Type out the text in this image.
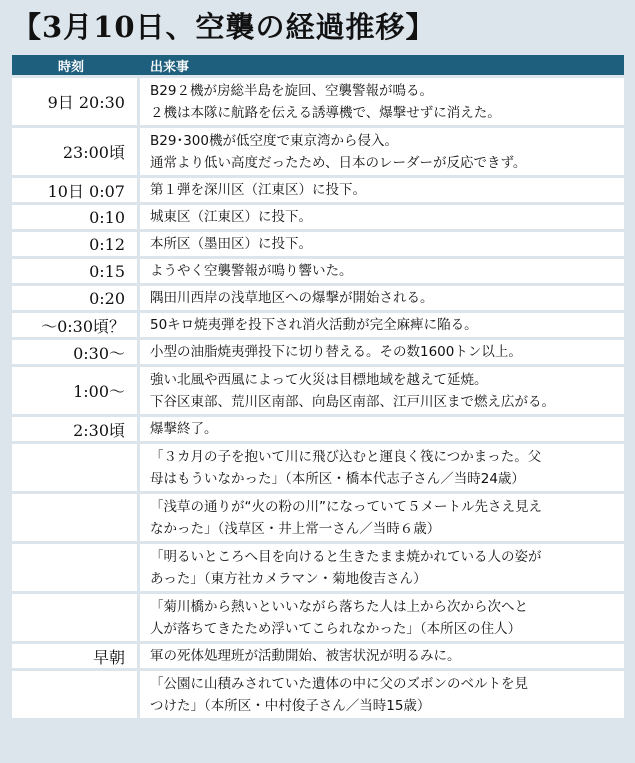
【3月10日、空襲の経過推移】
時刻	出来事
9日 20:30	B29２機が房総半島を旋回、空襲警報が鳴る。
２機は本隊に航路を伝える誘導機で、爆撃せずに消えた。

23:00頃	B29･300機が低空度で東京湾から侵入。
通常より低い高度だったため、日本のレーダーが反応できず。

10日 0:07	第１弾を深川区（江東区）に投下。

0:10	城東区（江東区）に投下。

0:12	本所区（墨田区）に投下。

0:15	ようやく空襲警報が鳴り響いた。

0:20	隅田川西岸の浅草地区への爆撃が開始される。

〜0:30頃？	50キロ焼夷弾を投下され消火活動が完全麻痺に陥る。

0:30〜	小型の油脂焼夷弾投下に切り替える。その数1600トン以上。

1:00〜	強い北風や西風によって火災は目標地域を越えて延焼。
下谷区東部、荒川区南部、向島区南部、江戸川区まで燃え広がる。

2:30頃	爆撃終了。

	「３カ月の子を抱いて川に飛び込むと運良く筏につかまった。父
母はもういなかった」（本所区・橋本代志子さん／当時24歳）

	「浅草の通りが“火の粉の川”になっていて５メートル先さえ見え
なかった」（浅草区・井上常一さん／当時６歳）

	「明るいところへ目を向けると生きたまま焼かれている人の姿が
あった」（東方社カメラマン・菊地俊吉さん）

	「菊川橋から熱いといいながら落ちた人は上から次から次へと
人が落ちてきたため浮いてこられなかった」（本所区の住人）

早朝	軍の死体処理班が活動開始、被害状況が明るみに。

	「公園に山積みされていた遺体の中に父のズボンのベルトを見
つけた」（本所区・中村俊子さん／当時15歳）
